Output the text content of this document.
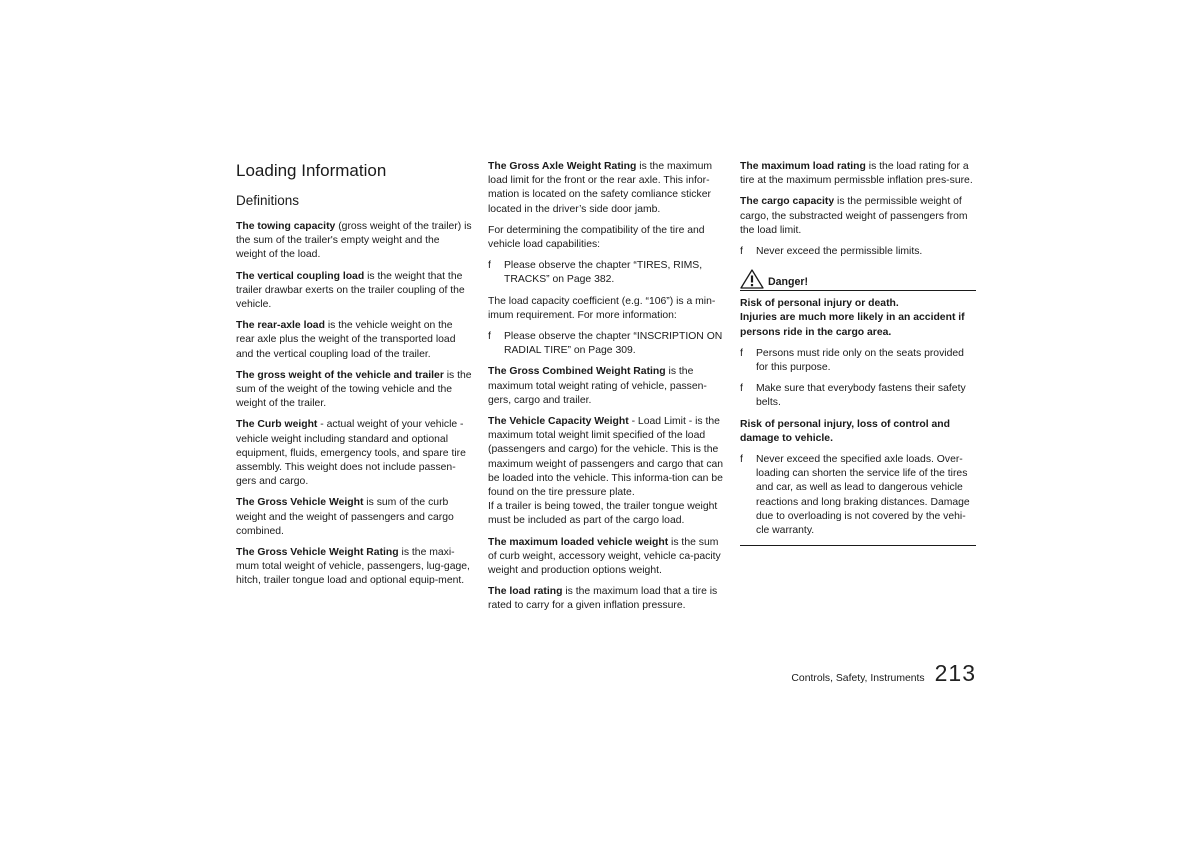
Loading Information
Definitions

The towing capacity (gross weight of the trailer) is the sum of the trailer's empty weight and the weight of the load.

The vertical coupling load is the weight that the trailer drawbar exerts on the trailer coupling of the vehicle.

The rear-axle load is the vehicle weight on the rear axle plus the weight of the transported load and the vertical coupling load of the trailer.

The gross weight of the vehicle and trailer is the sum of the weight of the towing vehicle and the weight of the trailer.

The Curb weight - actual weight of your vehicle - vehicle weight including standard and optional equipment, fluids, emergency tools, and spare tire assembly. This weight does not include passen-gers and cargo.

The Gross Vehicle Weight is sum of the curb weight and the weight of passengers and cargo combined.

The Gross Vehicle Weight Rating is the maxi-mum total weight of vehicle, passengers, lug-gage, hitch, trailer tongue load and optional equip-ment.

The Gross Axle Weight Rating is the maximum load limit for the front or the rear axle. This infor-mation is located on the safety comliance sticker located in the driver’s side door jamb.

For determining the compatibility of the tire and vehicle load capabilities:

f Please observe the chapter “TIRES, RIMS, TRACKS” on Page 382.

The load capacity coefficient (e.g. “106”) is a min-imum requirement. For more information:

f Please observe the chapter “INSCRIPTION ON RADIAL TIRE” on Page 309.

The Gross Combined Weight Rating is the maximum total weight rating of vehicle, passen-gers, cargo and trailer.

The Vehicle Capacity Weight - Load Limit - is the maximum total weight limit specified of the load (passengers and cargo) for the vehicle. This is the maximum weight of passengers and cargo that can be loaded into the vehicle. This informa-tion can be found on the tire pressure plate.

If a trailer is being towed, the trailer tongue weight must be included as part of the cargo load.

The maximum loaded vehicle weight is the sum of curb weight, accessory weight, vehicle ca-pacity weight and production options weight.

The load rating is the maximum load that a tire is rated to carry for a given inflation pressure.

The maximum load rating is the load rating for a tire at the maximum permissble inflation pres-sure.

The cargo capacity is the permissible weight of cargo, the substracted weight of passengers from the load limit.

f Never exceed the permissible limits.
Danger!

Risk of personal injury or death.

Injuries are much more likely in an accident if persons ride in the cargo area.

f Persons must ride only on the seats provided for this purpose.
f Make sure that everybody fastens their safety belts.

Risk of personal injury, loss of control and damage to vehicle.

f Never exceed the specified axle loads. Over-loading can shorten the service life of the tires and car, as well as lead to dangerous vehicle reactions and long braking distances. Damage due to overloading is not covered by the vehi-cle warranty.
Controls, Safety, Instruments 213
